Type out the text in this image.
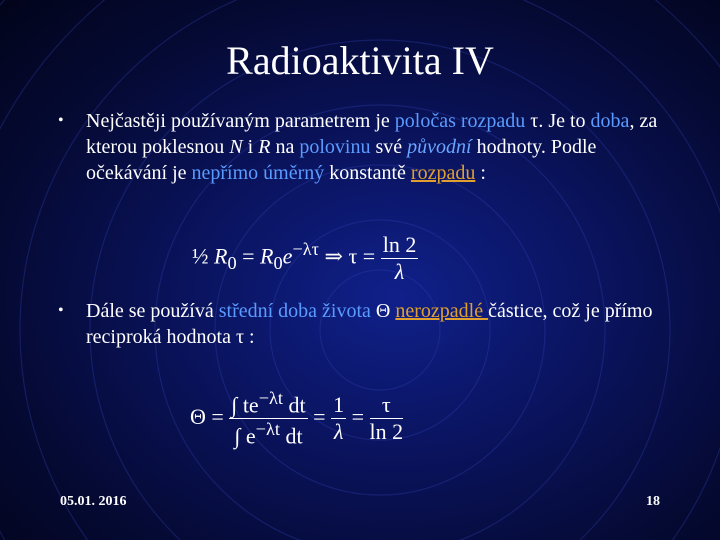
Radioaktivita IV
• Nejčastěji používaným parametrem je poločas rozpadu τ. Je to doba, za kterou poklesnou N i R na polovinu své původní hodnoty. Podle očekávání je nepřímo úměrný konstantě rozpadu :
½ $R_0 = R_0e^{-\lambda\tau}$ ⇒ $\tau = \frac{\ln 2}{\lambda}$
• Dále se používá střední doba života Θ nerozpadlé částice, což je přímo reciproká hodnota τ :
$\Theta = \frac{\int te^{-\lambda t} dt}{\int e^{-\lambda t} dt} = \frac{1}{\lambda} = \frac{\tau}{\ln 2}$
05.01. 2016	18
